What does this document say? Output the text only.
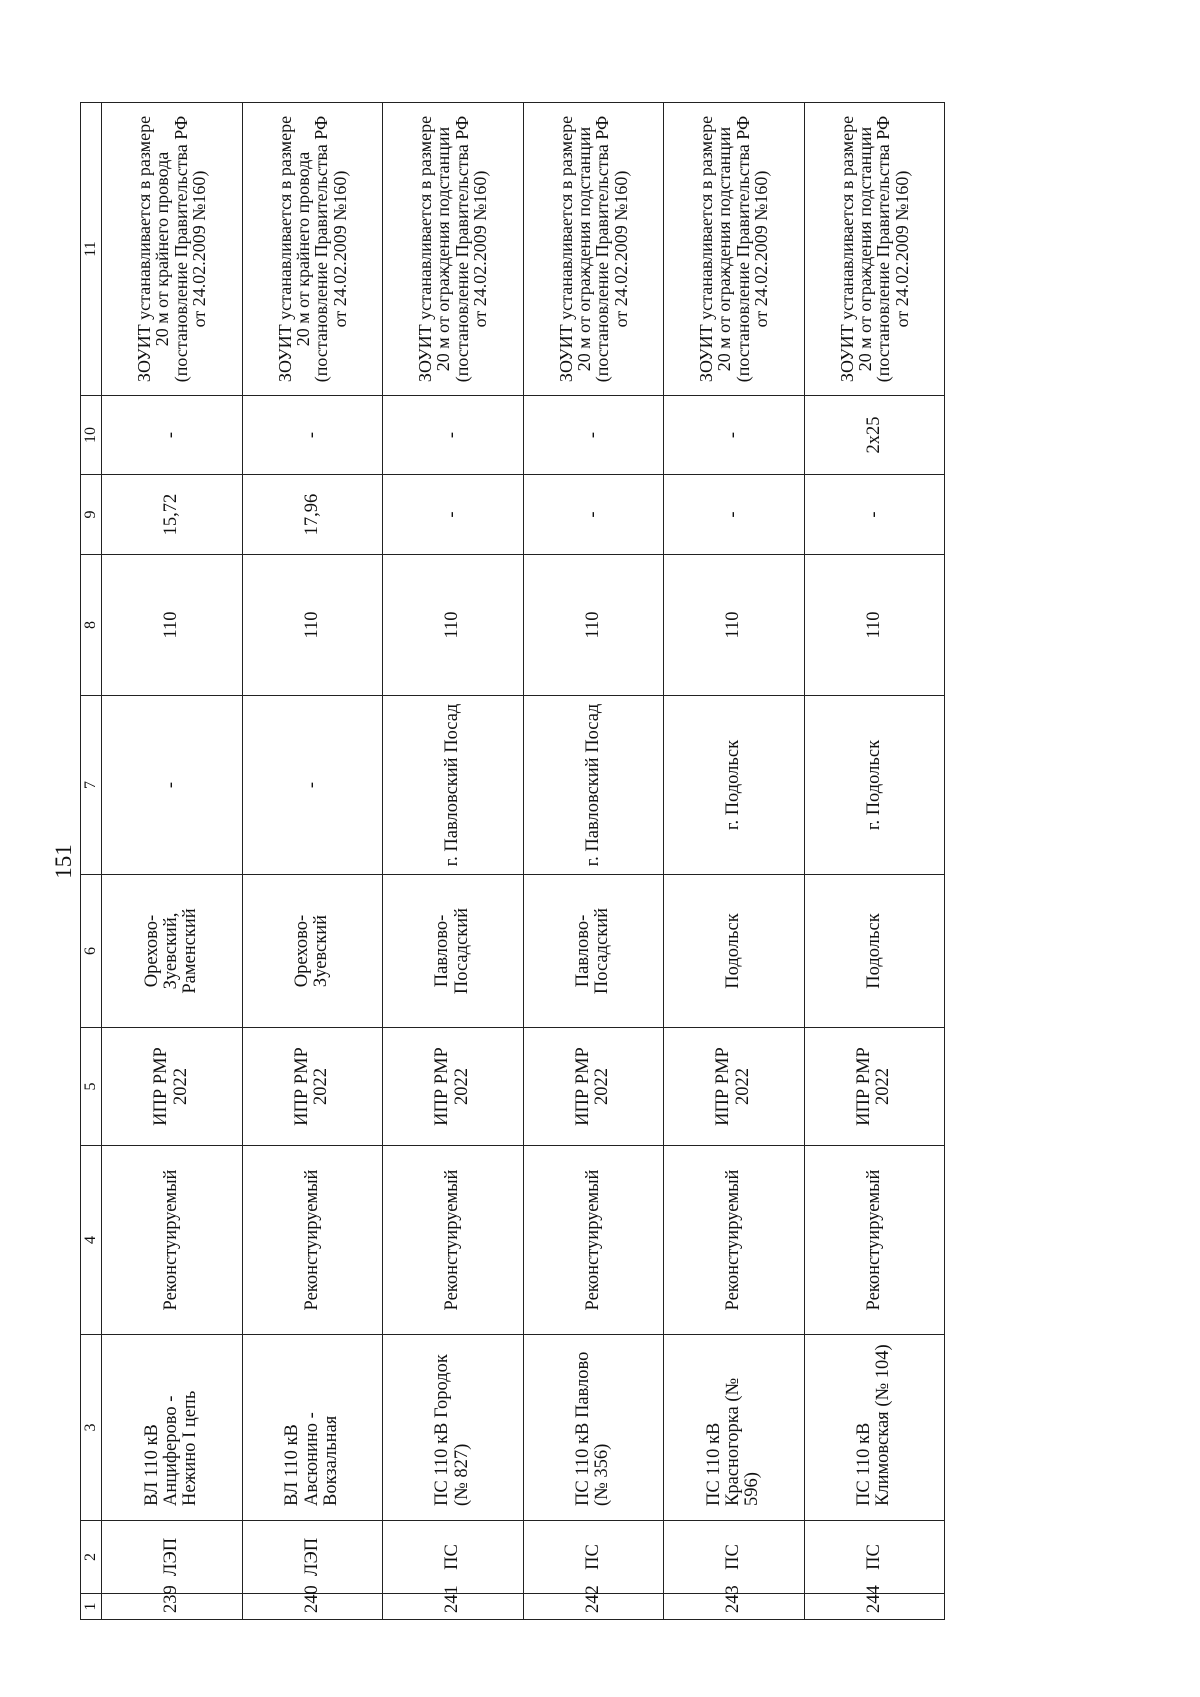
151
1	2	3	4	5	6	7	8	9	10	11
239	ЛЭП	ВЛ 110 кВ Анциферово - Нежино I цепь	Реконстуируемый	ИПР РМР 2022	Орехово-Зуевский, Раменский	-	110	15,72	-	ЗОУИТ устанавливается в размере 20 м от крайнего провода (постановление Правительства РФ от 24.02.2009 №160)
240	ЛЭП	ВЛ 110 кВ Авсюнино - Вокзальная	Реконстуируемый	ИПР РМР 2022	Орехово-Зуевский	-	110	17,96	-	ЗОУИТ устанавливается в размере 20 м от крайнего провода (постановление Правительства РФ от 24.02.2009 №160)
241	ПС	ПС 110 кВ Городок (№ 827)	Реконстуируемый	ИПР РМР 2022	Павлово-Посадский	г. Павловский Посад	110	-	-	ЗОУИТ устанавливается в размере 20 м от ограждения подстанции (постановление Правительства РФ от 24.02.2009 №160)
242	ПС	ПС 110 кВ Павлово (№ 356)	Реконстуируемый	ИПР РМР 2022	Павлово-Посадский	г. Павловский Посад	110	-	-	ЗОУИТ устанавливается в размере 20 м от ограждения подстанции (постановление Правительства РФ от 24.02.2009 №160)
243	ПС	ПС 110 кВ Красногорка (№ 596)	Реконстуируемый	ИПР РМР 2022	Подольск	г. Подольск	110	-	-	ЗОУИТ устанавливается в размере 20 м от ограждения подстанции (постановление Правительства РФ от 24.02.2009 №160)
244	ПС	ПС 110 кВ Климовская (№ 104)	Реконстуируемый	ИПР РМР 2022	Подольск	г. Подольск	110	-	2х25	ЗОУИТ устанавливается в размере 20 м от ограждения подстанции (постановление Правительства РФ от 24.02.2009 №160)
